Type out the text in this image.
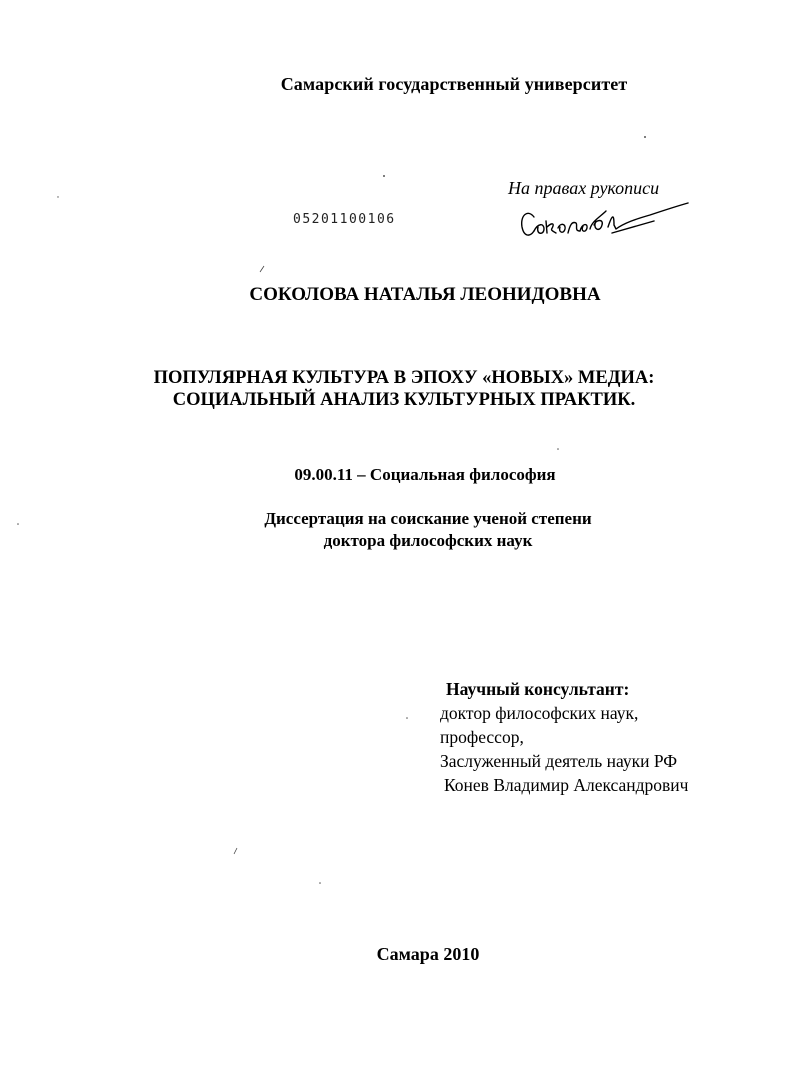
Самарский государственный университет

На правах рукописи

05201100106

СОКОЛОВА НАТАЛЬЯ ЛЕОНИДОВНА

ПОПУЛЯРНАЯ КУЛЬТУРА В ЭПОХУ «НОВЫХ» МЕДИА:
СОЦИАЛЬНЫЙ АНАЛИЗ КУЛЬТУРНЫХ ПРАКТИК.

09.00.11 – Социальная философия

Диссертация на соискание ученой степени
доктора философских наук
Научный консультант:
доктор философских наук,
профессор,
Заслуженный деятель науки РФ
Конев Владимир Александрович

Самара 2010
